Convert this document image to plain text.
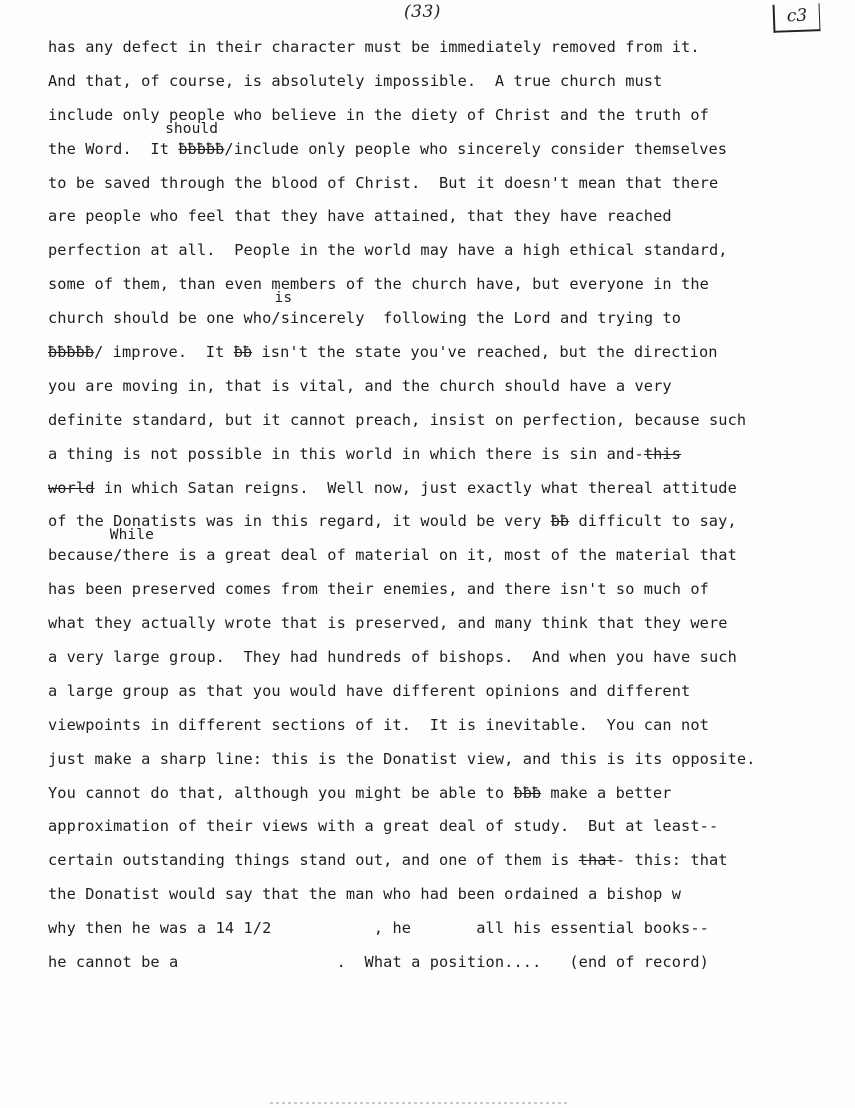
(33)	c3
has any defect in their character must be immediately removed from it.
And that, of course, is absolutely impossible.  A true church must
include only people who believe in the diety of Christ and the truth of
the Word.  It ƀƀƀƀƀ/include only people who sincerely consider themselves
should
to be saved through the blood of Christ.  But it doesn't mean that there
are people who feel that they have attained, that they have reached
perfection at all.  People in the world may have a high ethical standard,
some of them, than even members of the church have, but everyone in the
church should be one who/sincerely  following the Lord and trying to
is
ƀƀƀƀƀ/ improve.  It ƀƀ isn't the state you've reached, but the direction
you are moving in, that is vital, and the church should have a very
definite standard, but it cannot preach, insist on perfection, because such
a thing is not possible in this world in which there is sin and-this
world in which Satan reigns.  Well now, just exactly what thereal attitude
of the Donatists was in this regard, it would be very ƀƀ difficult to say,
because/there is a great deal of material on it, most of the material that
While
has been preserved comes from their enemies, and there isn't so much of
what they actually wrote that is preserved, and many think that they were
a very large group.  They had hundreds of bishops.  And when you have such
a large group as that you would have different opinions and different
viewpoints in different sections of it.  It is inevitable.  You can not
just make a sharp line: this is the Donatist view, and this is its opposite.
You cannot do that, although you might be able to ƀƀƀ make a better
approximation of their views with a great deal of study.  But at least--
certain outstanding things stand out, and one of them is that- this: that
the Donatist would say that the man who had been ordained a bishop w
why then he was a 14 1/2           , he       all his essential books--
he cannot be a                 .  What a position....   (end of record)
